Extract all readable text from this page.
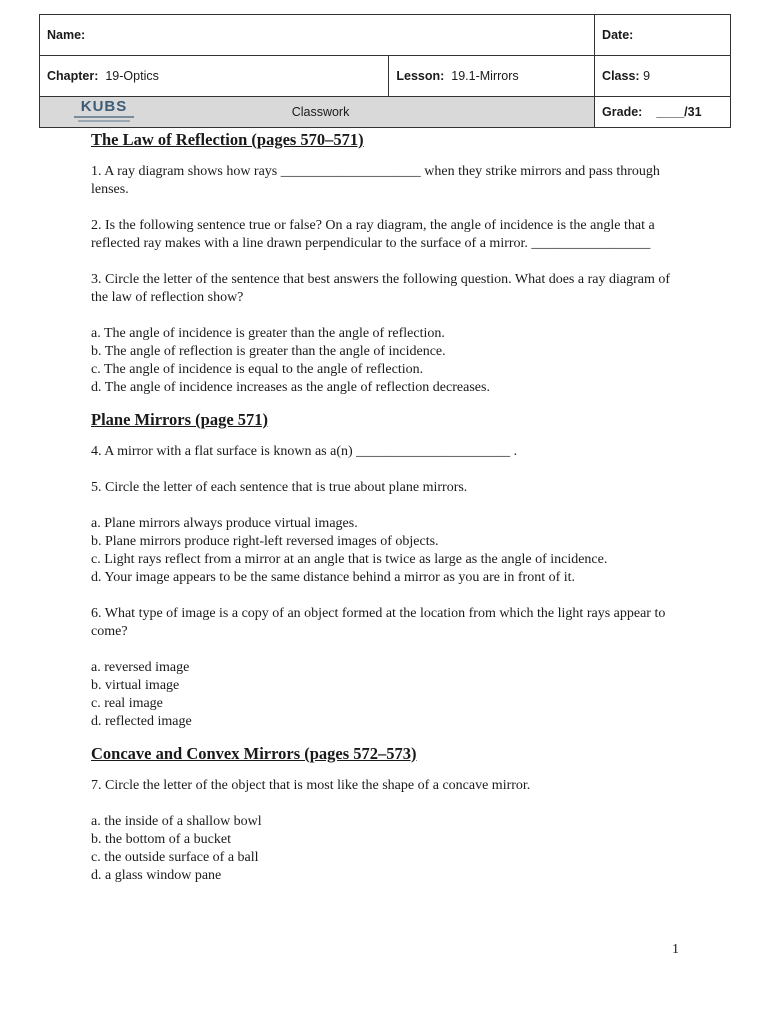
Name:		Date:
Chapter: 19-Optics	Lesson: 19.1-Mirrors	Class: 9

KUBS Classwork		Grade: ____/31
The Law of Reflection (pages 570–571)

1. A ray diagram shows how rays ____________________ when they strike mirrors and pass through lenses.

2. Is the following sentence true or false? On a ray diagram, the angle of incidence is the angle that a reflected ray makes with a line drawn perpendicular to the surface of a mirror. _________________

3. Circle the letter of the sentence that best answers the following question. What does a ray diagram of the law of reflection show?

a. The angle of incidence is greater than the angle of reflection.

b. The angle of reflection is greater than the angle of incidence.

c. The angle of incidence is equal to the angle of reflection.

d. The angle of incidence increases as the angle of reflection decreases.

Plane Mirrors (page 571)

4. A mirror with a flat surface is known as a(n) ______________________ .

5. Circle the letter of each sentence that is true about plane mirrors.

a. Plane mirrors always produce virtual images.

b. Plane mirrors produce right-left reversed images of objects.

c. Light rays reflect from a mirror at an angle that is twice as large as the angle of incidence.

d. Your image appears to be the same distance behind a mirror as you are in front of it.

6. What type of image is a copy of an object formed at the location from which the light rays appear to come?

a. reversed image

b. virtual image

c. real image

d. reflected image

Concave and Convex Mirrors (pages 572–573)

7. Circle the letter of the object that is most like the shape of a concave mirror.

a. the inside of a shallow bowl

b. the bottom of a bucket

c. the outside surface of a ball

d. a glass window pane

1
